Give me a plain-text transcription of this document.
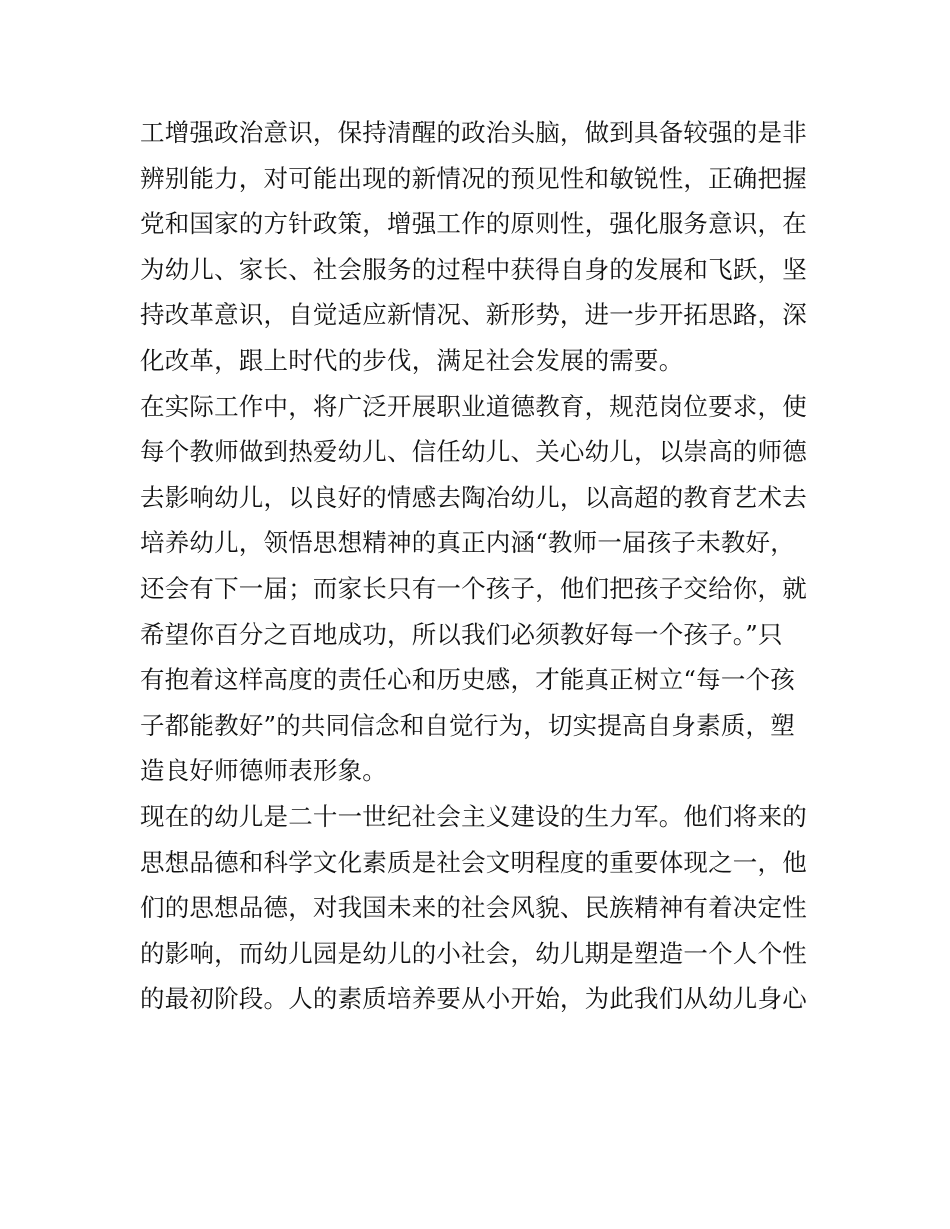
工增强政治意识，保持清醒的政治头脑，做到具备较强的是非
辨别能力，对可能出现的新情况的预见性和敏锐性，正确把握
党和国家的方针政策，增强工作的原则性，强化服务意识，在
为幼儿、家长、社会服务的过程中获得自身的发展和飞跃，坚
持改革意识，自觉适应新情况、新形势，进一步开拓思路，深
化改革，跟上时代的步伐，满足社会发展的需要。
在实际工作中，将广泛开展职业道德教育，规范岗位要求，使
每个教师做到热爱幼儿、信任幼儿、关心幼儿，以崇高的师德
去影响幼儿，以良好的情感去陶冶幼儿，以高超的教育艺术去
培养幼儿，领悟思想精神的真正内涵“教师一届孩子未教好，
还会有下一届；而家长只有一个孩子，他们把孩子交给你，就
希望你百分之百地成功，所以我们必须教好每一个孩子。”只
有抱着这样高度的责任心和历史感，才能真正树立“每一个孩
子都能教好”的共同信念和自觉行为，切实提高自身素质，塑
造良好师德师表形象。
现在的幼儿是二十一世纪社会主义建设的生力军。他们将来的
思想品德和科学文化素质是社会文明程度的重要体现之一，他
们的思想品德，对我国未来的社会风貌、民族精神有着决定性
的影响，而幼儿园是幼儿的小社会，幼儿期是塑造一个人个性
的最初阶段。人的素质培养要从小开始，为此我们从幼儿身心
